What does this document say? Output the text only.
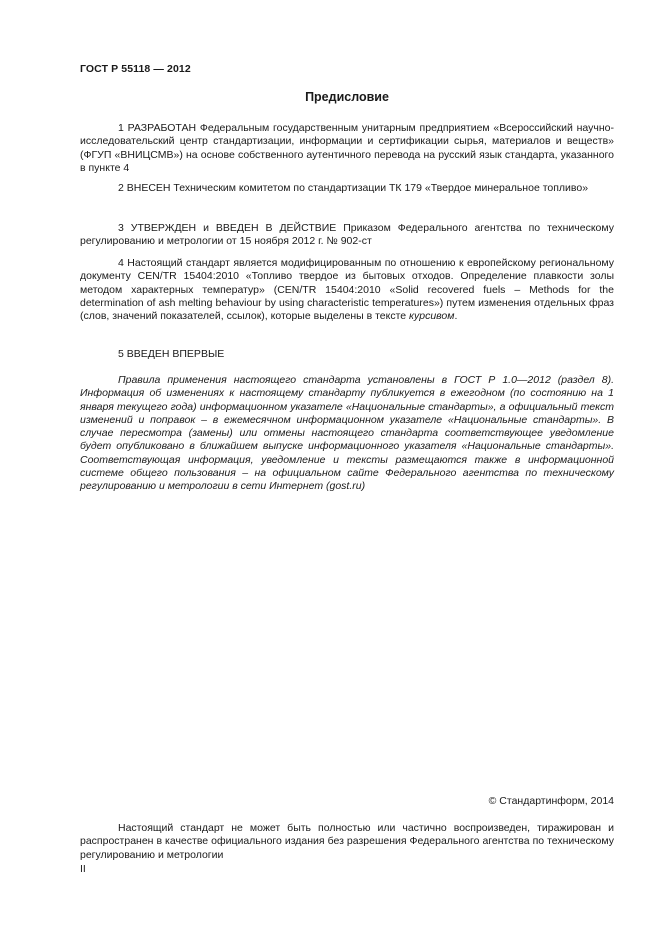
ГОСТ Р 55118 — 2012
Предисловие

1 РАЗРАБОТАН Федеральным государственным унитарным предприятием «Всероссийский научно-исследовательский центр стандартизации, информации и сертификации сырья, материалов и веществ» (ФГУП «ВНИЦСМВ») на основе собственного аутентичного перевода на русский язык стандарта, указанного в пункте 4

2 ВНЕСЕН Техническим комитетом по стандартизации ТК 179 «Твердое минеральное топливо»

3 УТВЕРЖДЕН и ВВЕДЕН В ДЕЙСТВИЕ Приказом Федерального агентства по техническому регулированию и метрологии от 15 ноября 2012 г. № 902-ст

4 Настоящий стандарт является модифицированным по отношению к европейскому региональному документу CEN/TR 15404:2010 «Топливо твердое из бытовых отходов. Определение плавкости золы методом характерных температур» (CEN/TR 15404:2010 «Solid recovered fuels – Methods for the determination of ash melting behaviour by using characteristic temperatures») путем изменения отдельных фраз (слов, значений показателей, ссылок), которые выделены в тексте курсивом.

5 ВВЕДЕН ВПЕРВЫЕ

Правила применения настоящего стандарта установлены в ГОСТ Р 1.0—2012 (раздел 8). Информация об изменениях к настоящему стандарту публикуется в ежегодном (по состоянию на 1 января текущего года) информационном указателе «Национальные стандарты», а официальный текст изменений и поправок – в ежемесячном информационном указателе «Национальные стандарты». В случае пересмотра (замены) или отмены настоящего стандарта соответствующее уведомление будет опубликовано в ближайшем выпуске информационного указателя «Национальные стандарты». Соответствующая информация, уведомление и тексты размещаются также в информационной системе общего пользования – на официальном сайте Федерального агентства по техническому регулированию и метрологии в сети Интернет (gost.ru)

© Стандартинформ, 2014

Настоящий стандарт не может быть полностью или частично воспроизведен, тиражирован и распространен в качестве официального издания без разрешения Федерального агентства по техническому регулированию и метрологии

II
